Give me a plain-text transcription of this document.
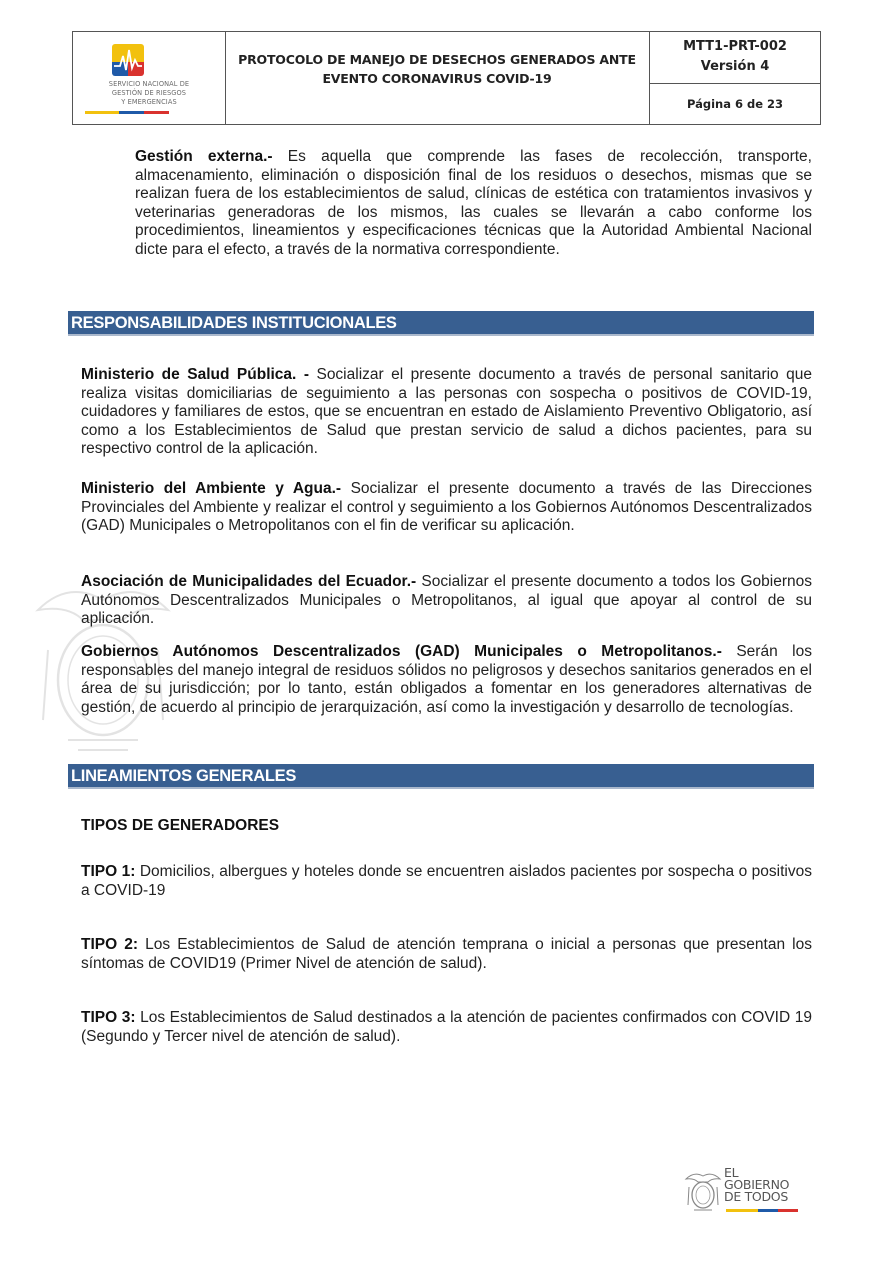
SERVICIO NACIONAL DE
GESTIÓN DE RIESGOS
Y EMERGENCIAS
PROTOCOLO DE MANEJO DE DESECHOS GENERADOS ANTE
EVENTO CORONAVIRUS COVID-19
MTT1-PRT-002
Versión 4
Página 6 de 23
Gestión externa.- Es aquella que comprende las fases de recolección, transporte, almacenamiento, eliminación o disposición final de los residuos o desechos, mismas que se realizan fuera de los establecimientos de salud, clínicas de estética con tratamientos invasivos y veterinarias generadoras de los mismos, las cuales se llevarán a cabo conforme los procedimientos, lineamientos y especificaciones técnicas que la Autoridad Ambiental Nacional dicte para el efecto, a través de la normativa correspondiente.
RESPONSABILIDADES INSTITUCIONALES
Ministerio de Salud Pública. - Socializar el presente documento a través de personal sanitario que realiza visitas domiciliarias de seguimiento a las personas con sospecha o positivos de COVID-19, cuidadores y familiares de estos, que se encuentran en estado de Aislamiento Preventivo Obligatorio, así como a los Establecimientos de Salud que prestan servicio de salud a dichos pacientes, para su respectivo control de la aplicación.
Ministerio del Ambiente y Agua.- Socializar el presente documento a través de las Direcciones Provinciales del Ambiente y realizar el control y seguimiento a los Gobiernos Autónomos Descentralizados (GAD) Municipales o Metropolitanos con el fin de verificar su aplicación.
Asociación de Municipalidades del Ecuador.- Socializar el presente documento a todos los Gobiernos Autónomos Descentralizados Municipales o Metropolitanos, al igual que apoyar al control de su aplicación.
Gobiernos Autónomos Descentralizados (GAD) Municipales o Metropolitanos.- Serán los responsables del manejo integral de residuos sólidos no peligrosos y desechos sanitarios generados en el área de su jurisdicción; por lo tanto, están obligados a fomentar en los generadores alternativas de gestión, de acuerdo al principio de jerarquización, así como la investigación y desarrollo de tecnologías.
LINEAMIENTOS GENERALES
TIPOS DE GENERADORES
TIPO 1: Domicilios, albergues y hoteles donde se encuentren aislados pacientes por sospecha o positivos a COVID-19
TIPO 2: Los Establecimientos de Salud de atención temprana o inicial a personas que presentan los síntomas de COVID19 (Primer Nivel de atención de salud).
TIPO 3: Los Establecimientos de Salud destinados a la atención de pacientes confirmados con COVID 19 (Segundo y Tercer nivel de atención de salud).
EL
GOBIERNO
DE TODOS
